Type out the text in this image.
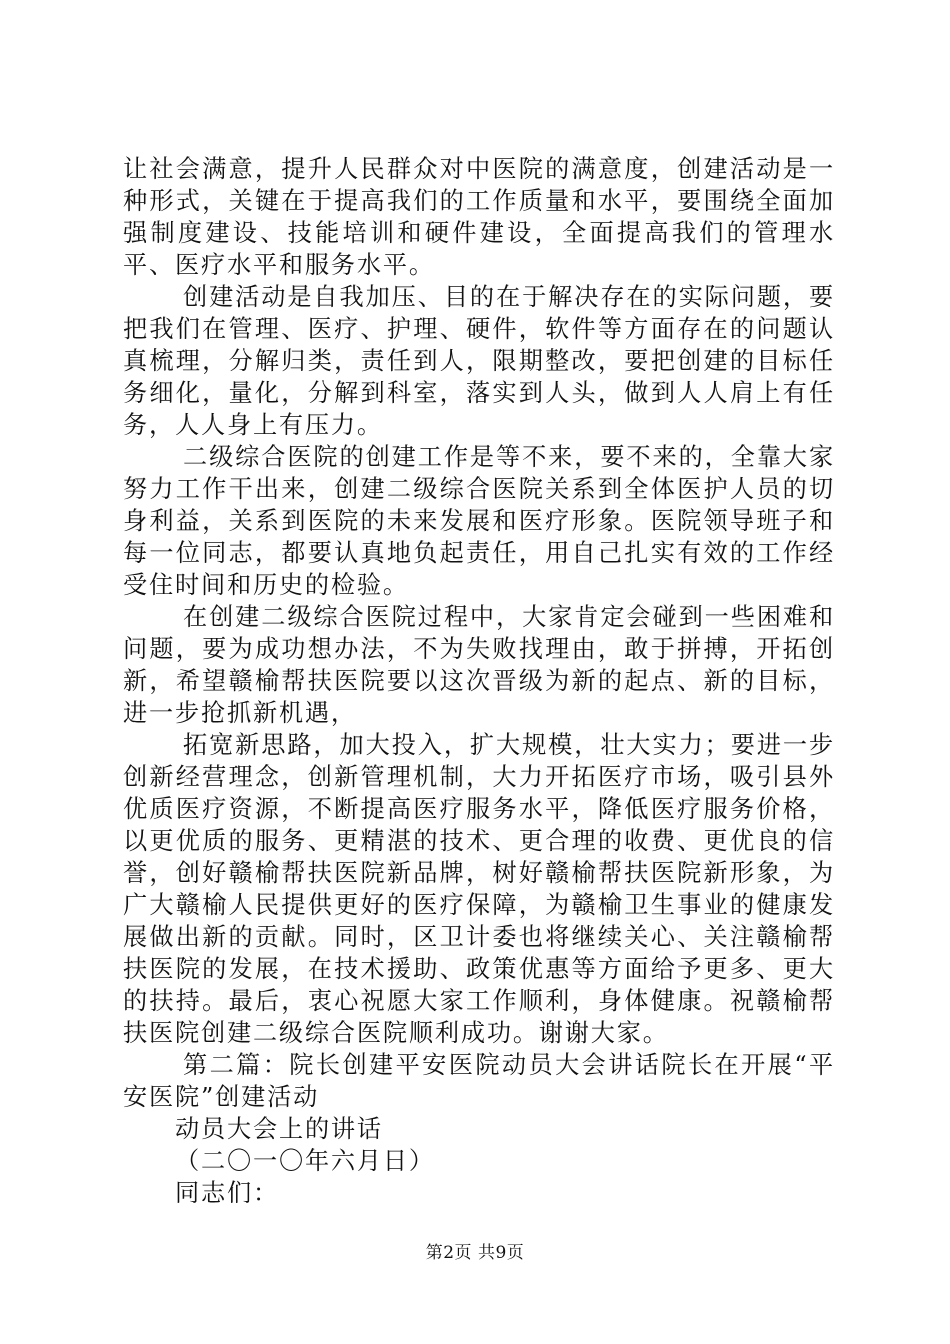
让社会满意，提升人民群众对中医院的满意度，创建活动是一种形式，关键在于提高我们的工作质量和水平，要围绕全面加强制度建设、技能培训和硬件建设，全面提高我们的管理水平、医疗水平和服务水平。

创建活动是自我加压、目的在于解决存在的实际问题，要把我们在管理、医疗、护理、硬件，软件等方面存在的问题认真梳理，分解归类，责任到人，限期整改，要把创建的目标任务细化，量化，分解到科室，落实到人头，做到人人肩上有任务，人人身上有压力。

二级综合医院的创建工作是等不来，要不来的，全靠大家努力工作干出来，创建二级综合医院关系到全体医护人员的切身利益，关系到医院的未来发展和医疗形象。医院领导班子和每一位同志，都要认真地负起责任，用自己扎实有效的工作经受住时间和历史的检验。

在创建二级综合医院过程中，大家肯定会碰到一些困难和问题，要为成功想办法，不为失败找理由，敢于拼搏，开拓创新，希望赣榆帮扶医院要以这次晋级为新的起点、新的目标，进一步抢抓新机遇，

拓宽新思路，加大投入，扩大规模，壮大实力；要进一步创新经营理念，创新管理机制，大力开拓医疗市场，吸引县外优质医疗资源，不断提高医疗服务水平，降低医疗服务价格，以更优质的服务、更精湛的技术、更合理的收费、更优良的信誉，创好赣榆帮扶医院新品牌，树好赣榆帮扶医院新形象，为广大赣榆人民提供更好的医疗保障，为赣榆卫生事业的健康发展做出新的贡献。同时，区卫计委也将继续关心、关注赣榆帮扶医院的发展，在技术援助、政策优惠等方面给予更多、更大的扶持。最后，衷心祝愿大家工作顺利，身体健康。祝赣榆帮扶医院创建二级综合医院顺利成功。谢谢大家。

第二篇：院长创建平安医院动员大会讲话院长在开展“平安医院”创建活动

动员大会上的讲话

（二〇一〇年六月日）

同志们：

第2页 共9页
